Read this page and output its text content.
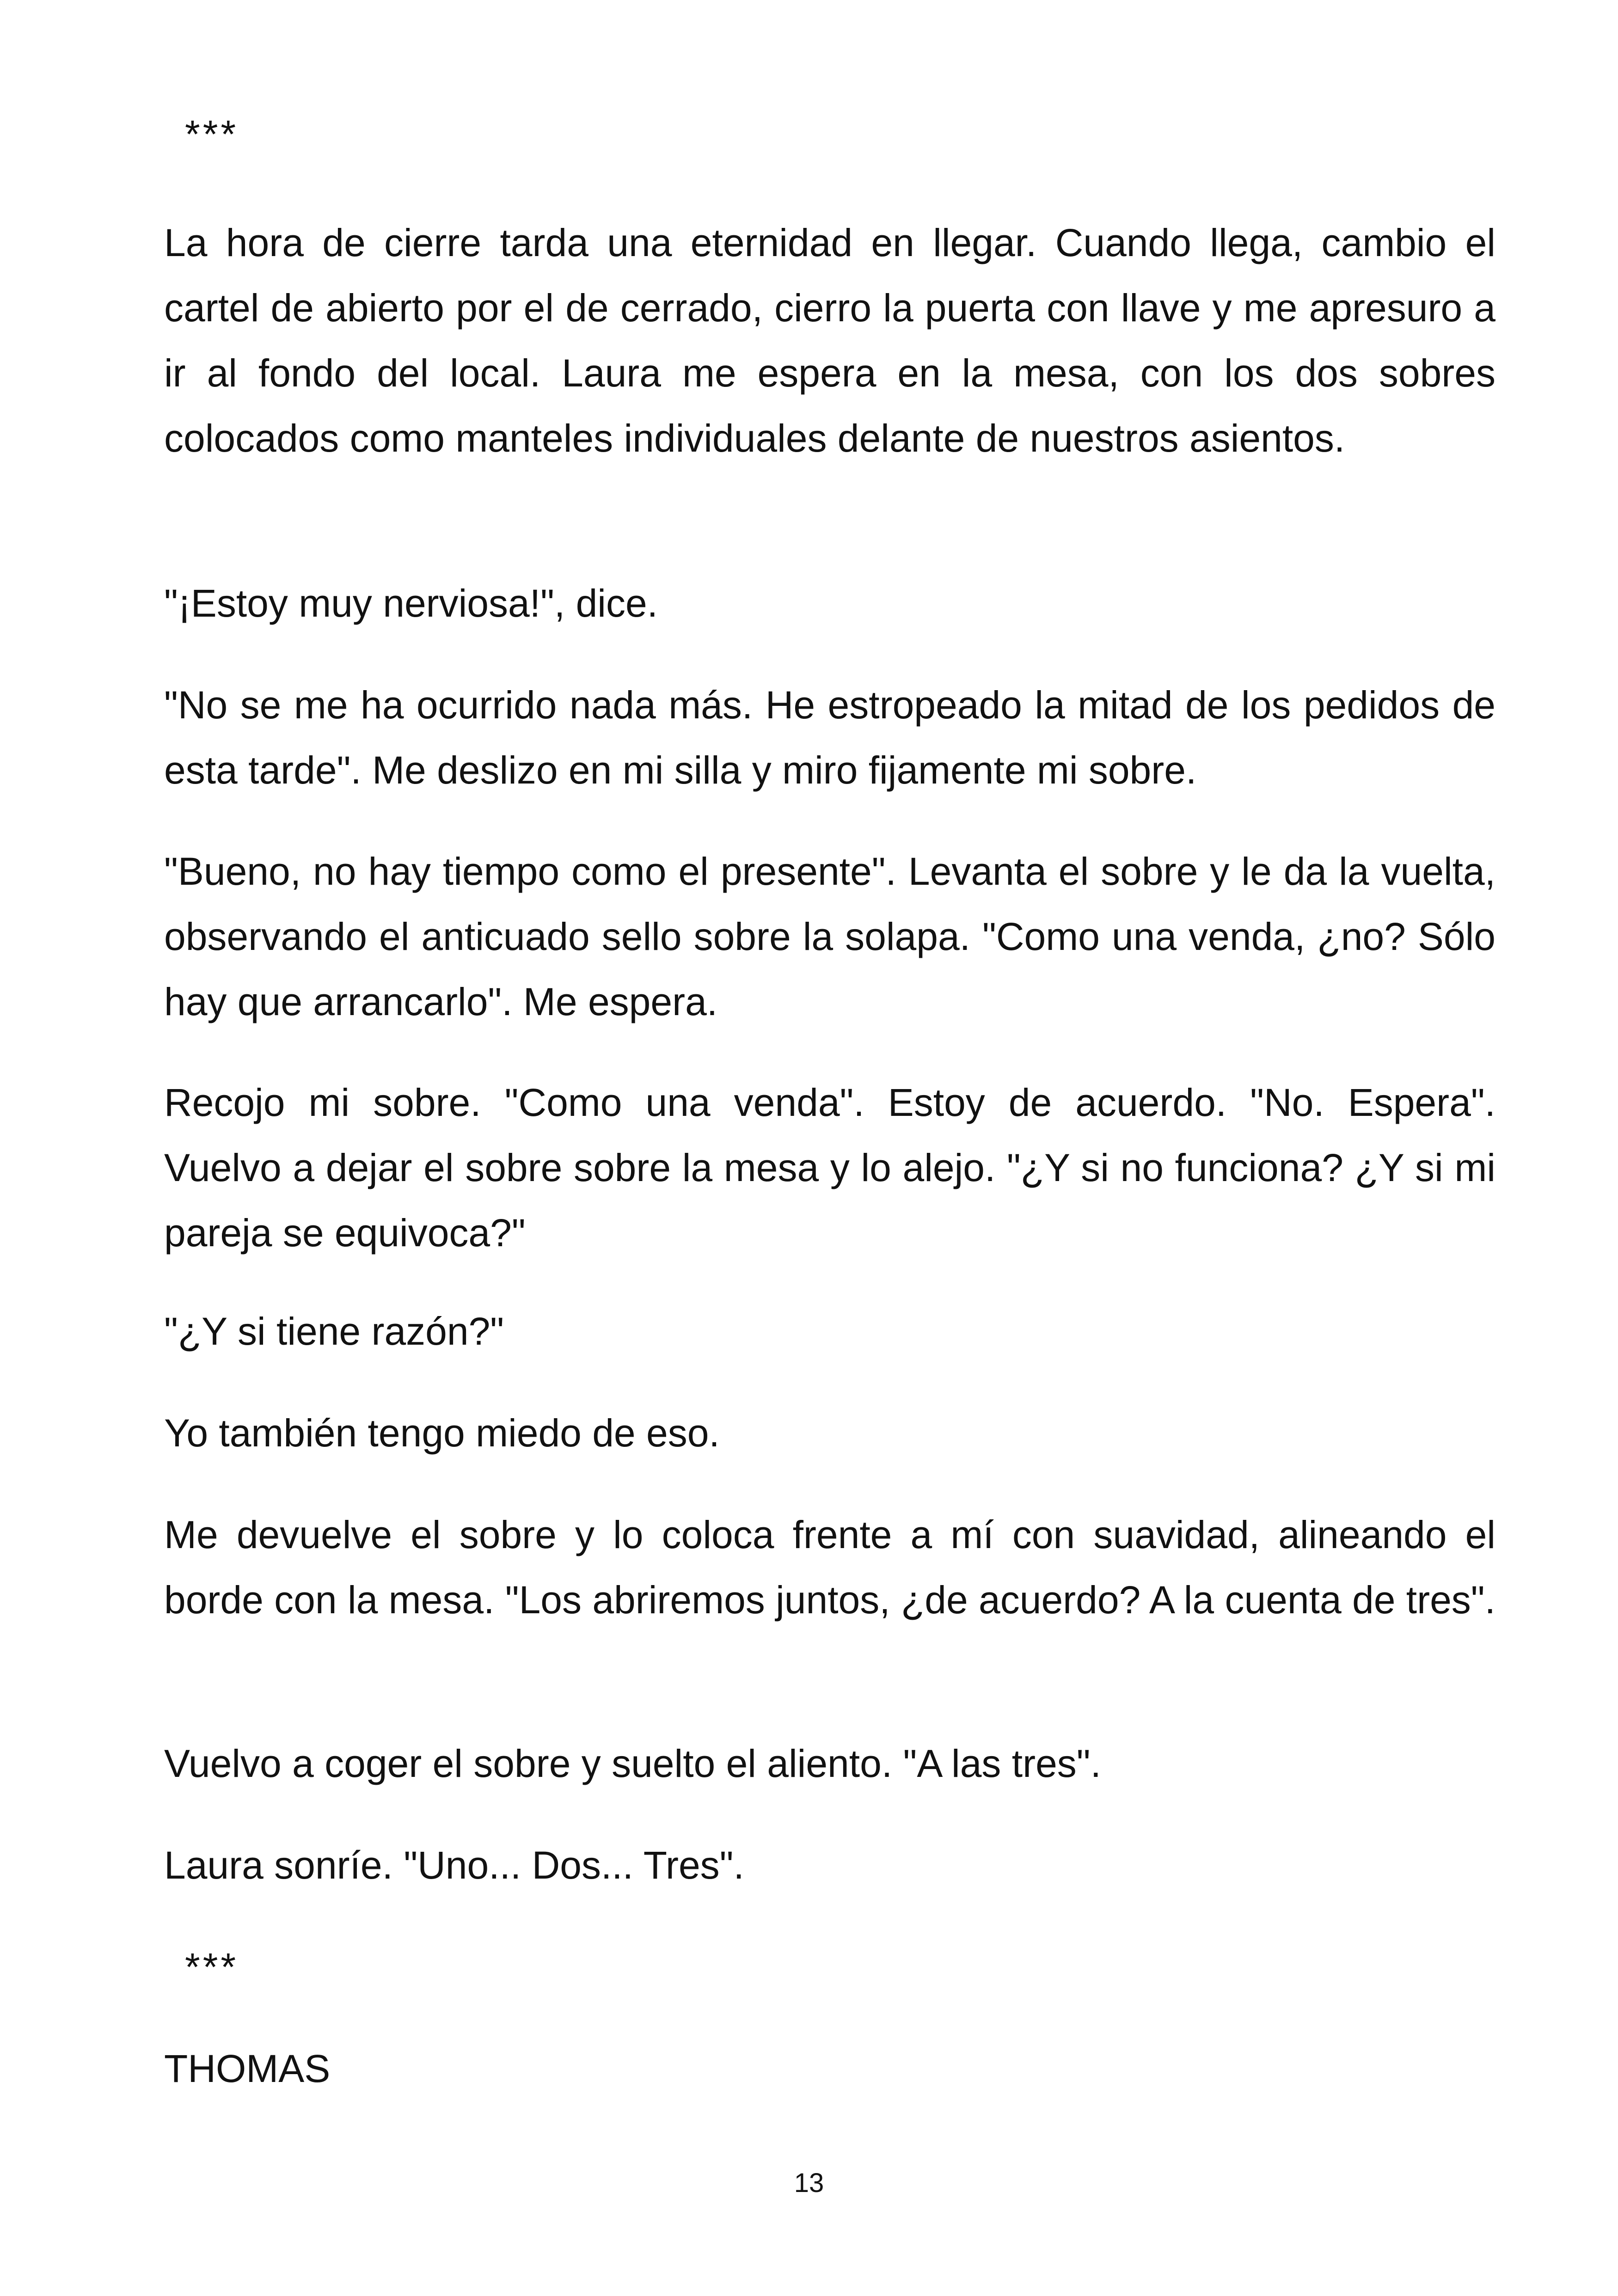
***

La hora de cierre tarda una eternidad en llegar. Cuando llega, cambio el cartel de abierto por el de cerrado, cierro la puerta con llave y me apresuro a ir al fondo del local. Laura me espera en la mesa, con los dos sobres colocados como manteles individuales delante de nuestros asientos.

"¡Estoy muy nerviosa!", dice.

"No se me ha ocurrido nada más. He estropeado la mitad de los pedidos de esta tarde". Me deslizo en mi silla y miro fijamente mi sobre.

"Bueno, no hay tiempo como el presente". Levanta el sobre y le da la vuelta, observando el anticuado sello sobre la solapa. "Como una venda, ¿no? Sólo hay que arrancarlo". Me espera.

Recojo mi sobre. "Como una venda". Estoy de acuerdo. "No. Espera". Vuelvo a dejar el sobre sobre la mesa y lo alejo. "¿Y si no funciona? ¿Y si mi pareja se equivoca?"

"¿Y si tiene razón?"

Yo también tengo miedo de eso.

Me devuelve el sobre y lo coloca frente a mí con suavidad, alineando el borde con la mesa. "Los abriremos juntos, ¿de acuerdo? A la cuenta de tres".

Vuelvo a coger el sobre y suelto el aliento. "A las tres".

Laura sonríe. "Uno... Dos... Tres".

***

THOMAS

13
